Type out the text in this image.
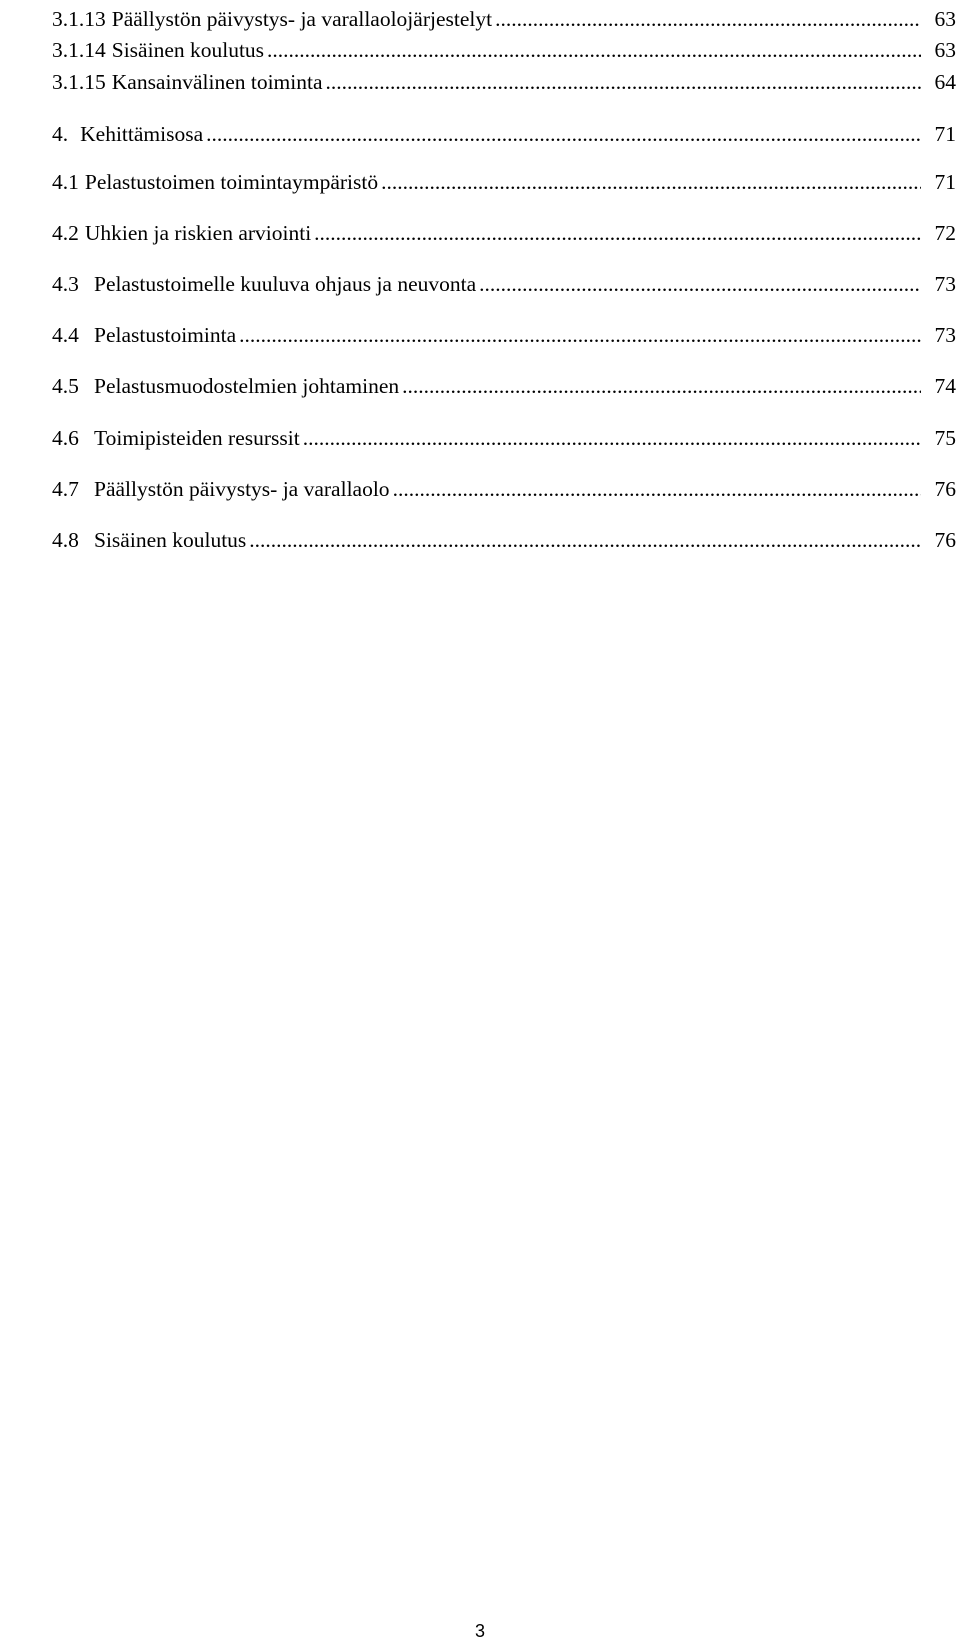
3.1.13 Päällystön päivystys- ja varallaolojärjestelyt .....	63
3.1.14 Sisäinen koulutus .....	63
3.1.15 Kansainvälinen toiminta .....	64
4. Kehittämisosa .....	71
4.1 Pelastustoimen toimintaympäristö .....	71
4.2 Uhkien ja riskien arviointi .....	72
4.3 Pelastustoimelle kuuluva ohjaus ja neuvonta .....	73
4.4 Pelastustoiminta .....	73
4.5 Pelastusmuodostelmien johtaminen .....	74
4.6 Toimipisteiden resurssit .....	75
4.7 Päällystön päivystys- ja varallaolo .....	76
4.8 Sisäinen koulutus .....	76
3
